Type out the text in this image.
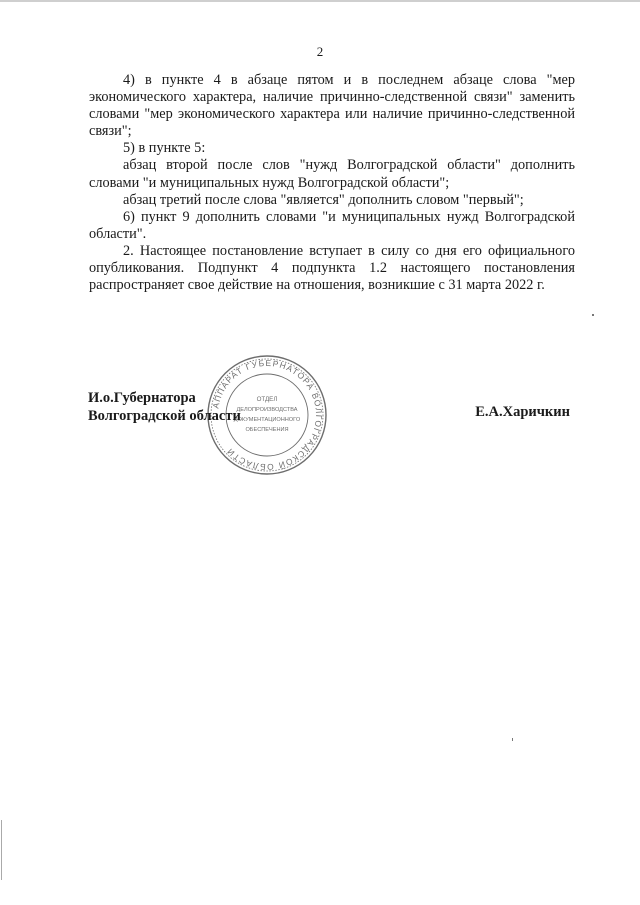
2

4) в пункте 4 в абзаце пятом и в последнем абзаце слова "мер экономического характера, наличие причинно-следственной связи" заменить словами "мер экономического характера или наличие причинно-следственной связи";

5) в пункте 5:

абзац второй после слов "нужд Волгоградской области" дополнить словами "и муниципальных нужд Волгоградской области";

абзац третий после слова "является" дополнить словом "первый";

6) пункт 9 дополнить словами "и муниципальных нужд Волгоградской области".

2. Настоящее постановление вступает в силу со дня его официального опубликования. Подпункт 4 подпункта 1.2 настоящего постановления распространяет свое действие на отношения, возникшие с 31 марта 2022 г.

АППАРАТ ГУБЕРНАТОРА ВОЛГОГРАДСКОЙ ОБЛАСТИ
ОТДЕЛ
ДЕЛОПРОИЗВОДСТВА
ДОКУМЕНТАЦИОННОГО
ОБЕСПЕЧЕНИЯ
И.о.Губернатора
Волгоградской области	Е.А.Харичкин
